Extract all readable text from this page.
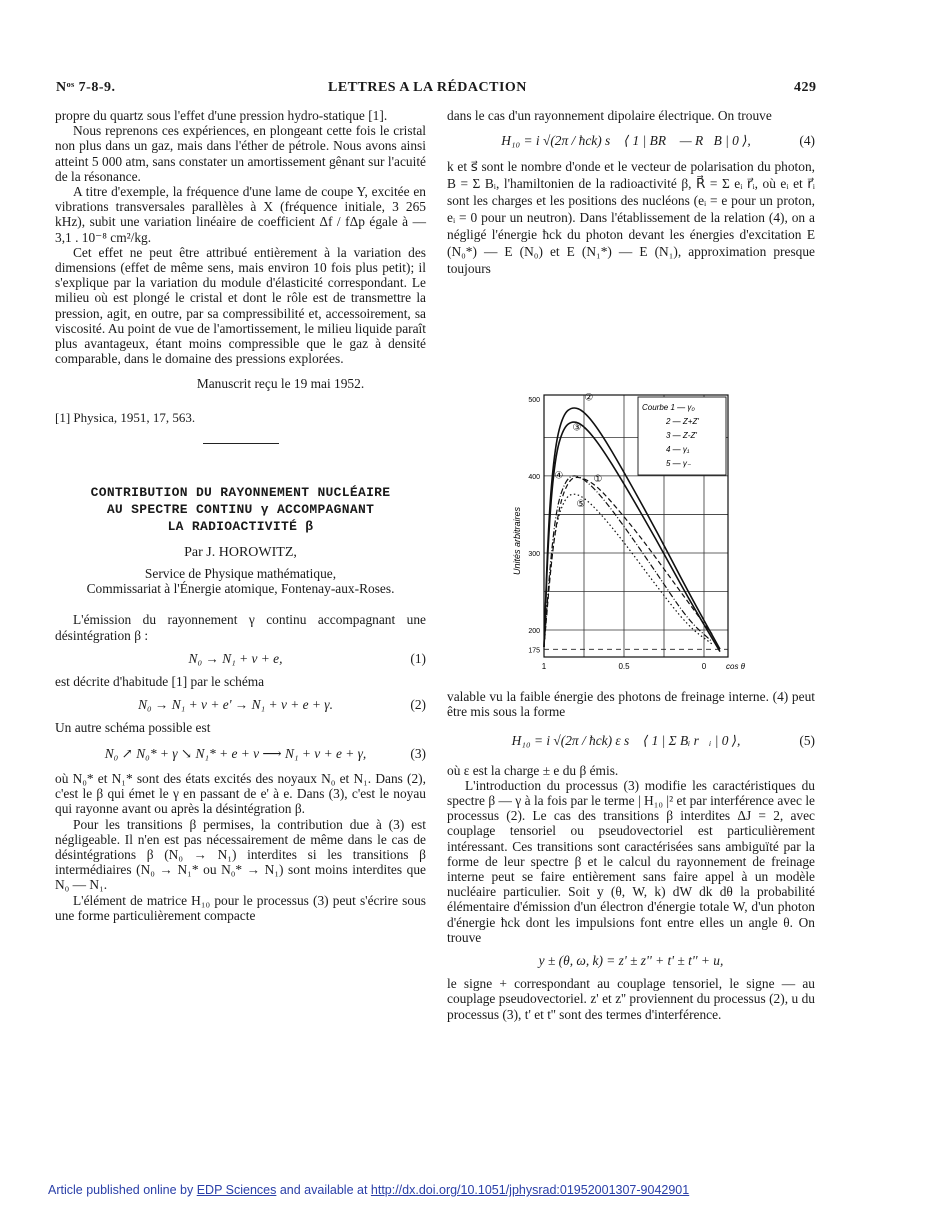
Nᵒˢ 7-8-9.	LETTRES A LA RÉDACTION	429

propre du quartz sous l'effet d'une pression hydro-statique [1].

Nous reprenons ces expériences, en plongeant cette fois le cristal non plus dans un gaz, mais dans l'éther de pétrole. Nous avons ainsi atteint 5 000 atm, sans constater un amortissement gênant sur l'acuité de la résonance.

A titre d'exemple, la fréquence d'une lame de coupe Y, excitée en vibrations transversales parallèles à X (fréquence initiale, 3 265 kHz), subit une variation linéaire de coefficient Δf / fΔp égale à — 3,1 . 10⁻⁸ cm²/kg.

Cet effet ne peut être attribué entièrement à la variation des dimensions (effet de même sens, mais environ 10 fois plus petit); il s'explique par la variation du module d'élasticité correspondant. Le milieu où est plongé le cristal et dont le rôle est de transmettre la pression, agit, en outre, par sa compressibilité et, accessoirement, sa viscosité. Au point de vue de l'amortissement, le milieu liquide paraît plus avantageux, étant moins compressible que le gaz à densité comparable, dans le domaine des pressions explorées.

Manuscrit reçu le 19 mai 1952.

[1] Physica, 1951, 17, 563.

CONTRIBUTION DU RAYONNEMENT NUCLÉAIRE
AU SPECTRE CONTINU γ ACCOMPAGNANT
LA RADIOACTIVITÉ β

Par J. HOROWITZ,

Service de Physique mathématique,

Commissariat à l'Énergie atomique, Fontenay-aux-Roses.

L'émission du rayonnement γ continu accompagnant une désintégration β :

N₀ → N₁ + ν + e,	(1)

est décrite d'habitude [1] par le schéma

N₀ → N₁ + ν + e' → N₁ + ν + e + γ.	(2)

Un autre schéma possible est

N₀ ↗ N₀* + γ ↘ N₁* + e + ν ⟶ N₁ + ν + e + γ,	(3)

où N₀* et N₁* sont des états excités des noyaux N₀ et N₁. Dans (2), c'est le β qui émet le γ en passant de e' à e. Dans (3), c'est le noyau qui rayonne avant ou après la désintégration β.

Pour les transitions β permises, la contribution due à (3) est négligeable. Il n'en est pas nécessairement de même dans le cas de désintégrations β (N₀ → N₁) interdites si les transitions β intermédiaires (N₀ → N₁* ou N₀* → N₁) sont moins interdites que N₀ — N₁.

L'élément de matrice H₁₀ pour le processus (3) peut s'écrire sous une forme particulièrement compacte

dans le cas d'un rayonnement dipolaire électrique. On trouve

H₁₀ = i √(2π / ħck) s⃗ ⟨ 1 | BR⃗ — R⃗B | 0 ⟩,	(4)

k et s⃗ sont le nombre d'onde et le vecteur de polarisation du photon, B = Σ Bᵢ, l'hamiltonien de la radioactivité β, R⃗ = Σ eᵢ r⃗ᵢ, où eᵢ et r⃗ᵢ sont les charges et les positions des nucléons (eᵢ = e pour un proton, eᵢ = 0 pour un neutron). Dans l'établissement de la relation (4), on a négligé l'énergie ħck du photon devant les énergies d'excitation E (N₀*) — E (N₀) et E (N₁*) — E (N₁), approximation presque toujours

500
400
300
200
175
1	0.5	0 cos θ
Unités arbitraires
①
②
③
④
⑤
Courbe 1 — γ₀
2 — Z+Z'
3 — Z-Z'
4 — γ₁
5 — γ₋

valable vu la faible énergie des photons de freinage interne. (4) peut être mis sous la forme

H₁₀ = i √(2π / ħck) ε s⃗ ⟨ 1 | Σ Bᵢ r⃗ᵢ | 0 ⟩,	(5)

où ε est la charge ± e du β émis.

L'introduction du processus (3) modifie les caractéristiques du spectre β — γ à la fois par le terme | H₁₀ |² et par interférence avec le processus (2). Le cas des transitions β interdites ΔJ = 2, avec couplage tensoriel ou pseudovectoriel est particulièrement intéressant. Ces transitions sont caractérisées sans ambiguïté par la forme de leur spectre β et le calcul du rayonnement de freinage interne peut se faire entièrement sans faire appel à un modèle nucléaire particulier. Soit y (θ, W, k) dW dk dθ la probabilité élémentaire d'émission d'un électron d'énergie totale W, d'un photon d'énergie ħck dont les impulsions font entre elles un angle θ. On trouve

y ± (θ, ω, k) = z' ± z'' + t' ± t'' + u,

le signe + correspondant au couplage tensoriel, le signe — au couplage pseudovectoriel. z' et z'' proviennent du processus (2), u du processus (3), t' et t'' sont des termes d'interférence.

Article published online by EDP Sciences and available at http://dx.doi.org/10.1051/jphysrad:01952001307-9042901
